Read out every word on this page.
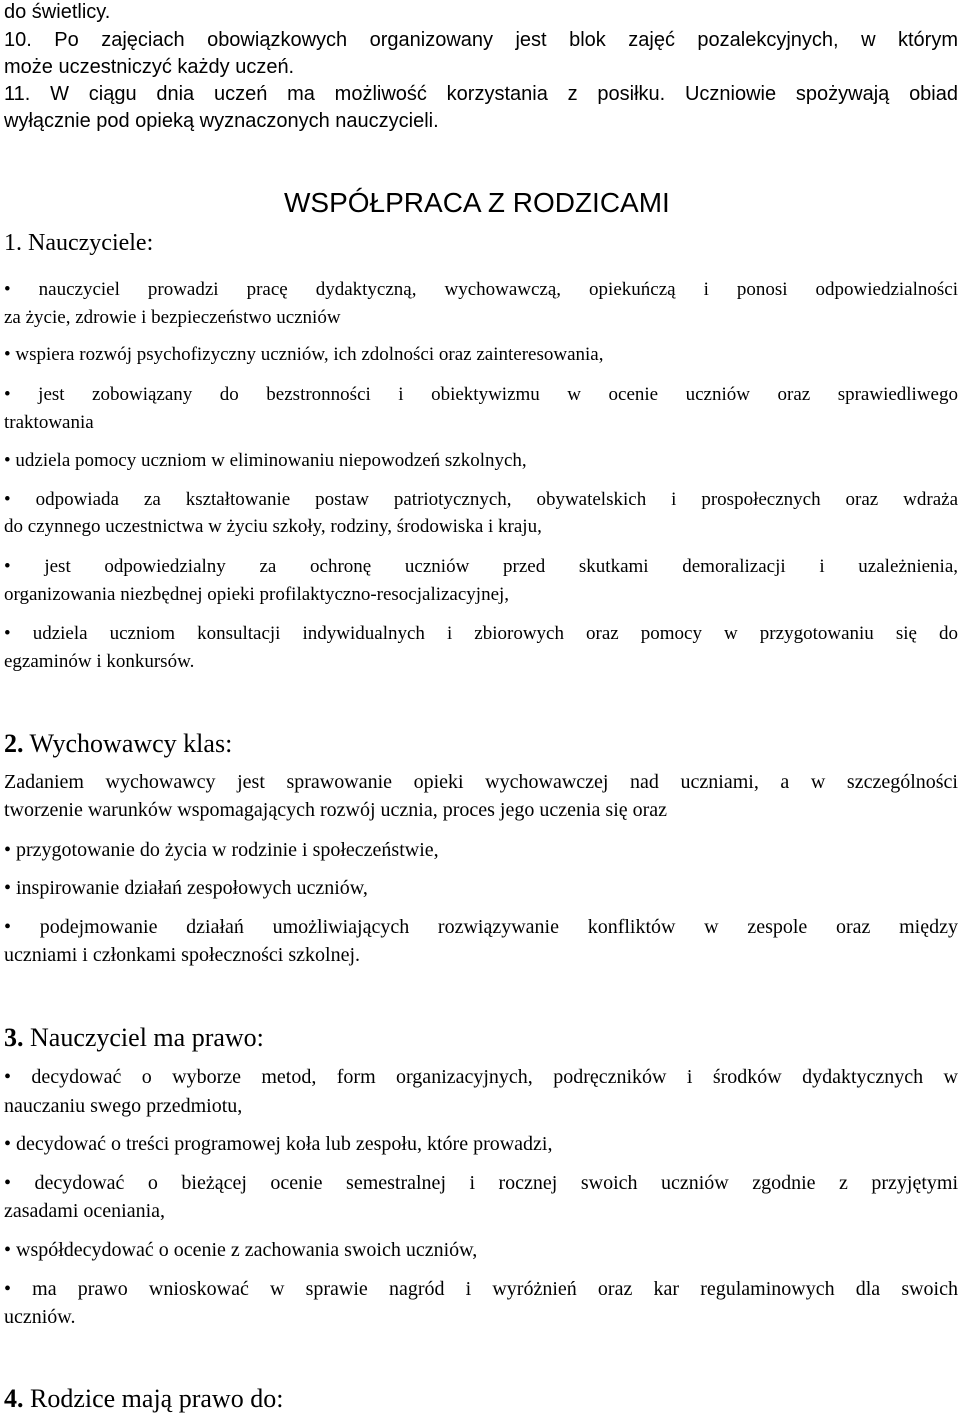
do świetlicy.
10. Po zajęciach obowiązkowych organizowany jest blok zajęć pozalekcyjnych, w którym
może uczestniczyć każdy uczeń.
11. W ciągu dnia uczeń ma możliwość korzystania z posiłku. Uczniowie spożywają obiad
wyłącznie pod opieką wyznaczonych nauczycieli.
WSPÓŁPRACA Z RODZICAMI
1. Nauczyciele:
• nauczyciel prowadzi pracę dydaktyczną, wychowawczą, opiekuńczą i ponosi odpowiedzialności
za życie, zdrowie i bezpieczeństwo uczniów
• wspiera rozwój psychofizyczny uczniów, ich zdolności oraz zainteresowania,
• jest zobowiązany do bezstronności i obiektywizmu w ocenie uczniów oraz sprawiedliwego
traktowania
• udziela pomocy uczniom w eliminowaniu niepowodzeń szkolnych,
• odpowiada za kształtowanie postaw patriotycznych, obywatelskich i prospołecznych oraz wdraża
do czynnego uczestnictwa w życiu szkoły, rodziny, środowiska i kraju,
• jest odpowiedzialny za ochronę uczniów przed skutkami demoralizacji i uzależnienia,
organizowania niezbędnej opieki profilaktyczno-resocjalizacyjnej,
• udziela uczniom konsultacji indywidualnych i zbiorowych oraz pomocy w przygotowaniu się do
egzaminów i konkursów.
2. Wychowawcy klas:
Zadaniem wychowawcy jest sprawowanie opieki wychowawczej nad uczniami, a w szczególności
tworzenie warunków wspomagających rozwój ucznia, proces jego uczenia się oraz
• przygotowanie do życia w rodzinie i społeczeństwie,
• inspirowanie działań zespołowych uczniów,
• podejmowanie działań umożliwiających rozwiązywanie konfliktów w zespole oraz między
uczniami i członkami społeczności szkolnej.
3. Nauczyciel ma prawo:
• decydować o wyborze metod, form organizacyjnych, podręczników i środków dydaktycznych w
nauczaniu swego przedmiotu,
• decydować o treści programowej koła lub zespołu, które prowadzi,
• decydować o bieżącej ocenie semestralnej i rocznej swoich uczniów zgodnie z przyjętymi
zasadami oceniania,
• współdecydować o ocenie z zachowania swoich uczniów,
• ma prawo wnioskować w sprawie nagród i wyróżnień oraz kar regulaminowych dla swoich
uczniów.
4. Rodzice mają prawo do:
